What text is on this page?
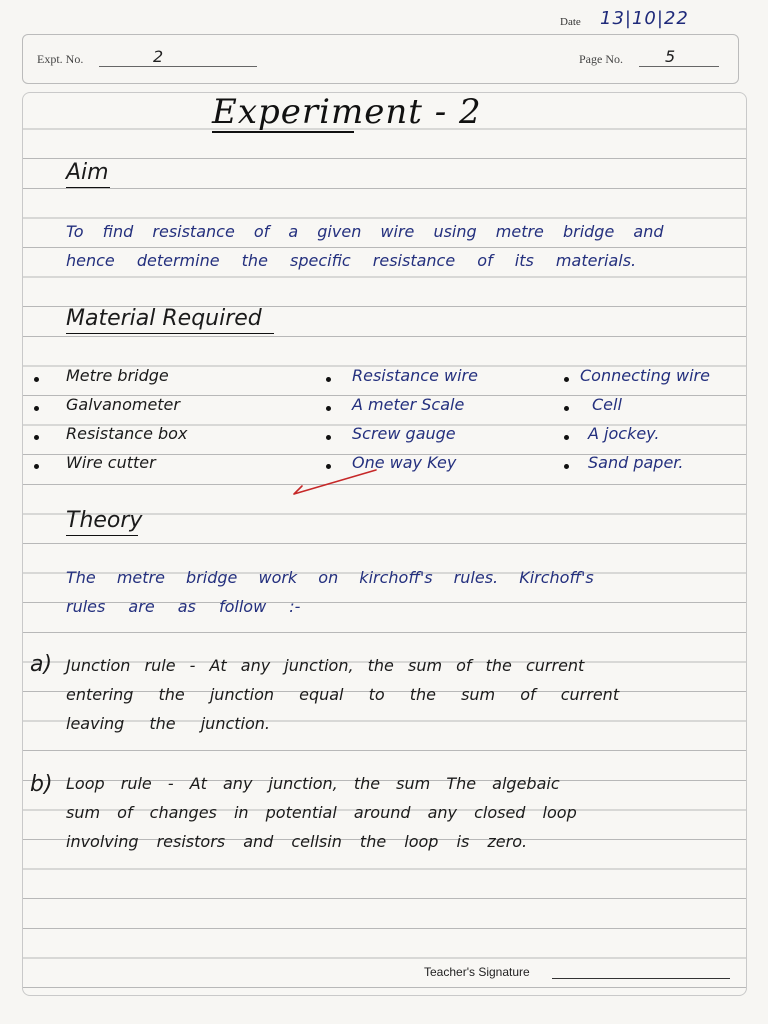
Date 13|10|22
Expt. No.	2	Page No.	5
Experiment - 2
Aim
To find resistance of a given wire using metre bridge and
hence determine the specific resistance of its materials.
Material Required
Metre bridge
Galvanometer
Resistance box
Wire cutter
Resistance wire
A meter Scale
Screw gauge
One way Key
Connecting wire
Cell
A jockey.
Sand paper.
Theory
The metre bridge work on kirchoff's rules. Kirchoff's
rules are as follow :-
a) Junction rule - At any junction, the sum of the current
entering the junction equal to the sum of current
leaving the junction.
b) Loop rule - At any junction, the sum The algebaic
sum of changes in potential around any closed loop
involving resistors and cellsin the loop is zero.
Teacher's Signature
